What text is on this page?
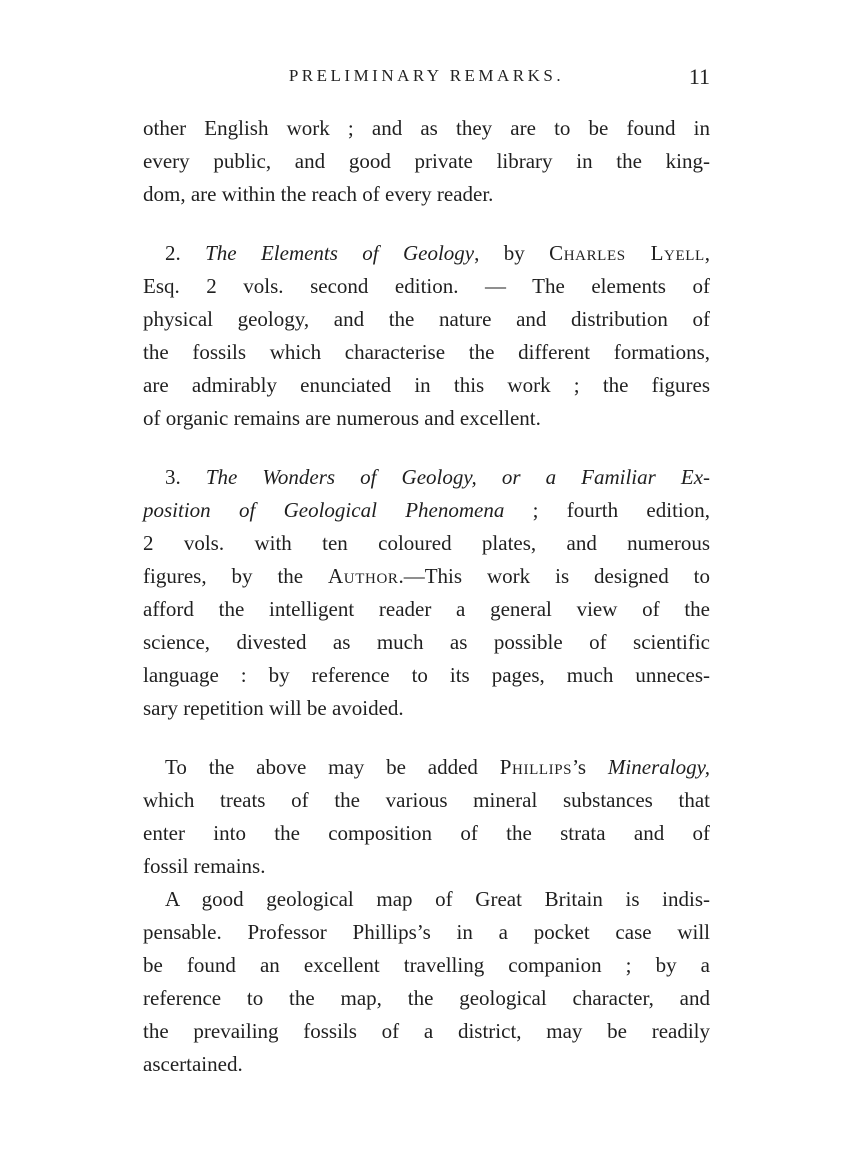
PRELIMINARY REMARKS.	11
other English work ; and as they are to be found in
every public, and good private library in the king-
dom, are within the reach of every reader.
2. The Elements of Geology, by Charles Lyell,
Esq. 2 vols. second edition. — The elements of
physical geology, and the nature and distribution of
the fossils which characterise the different formations,
are admirably enunciated in this work ; the figures
of organic remains are numerous and excellent.
3. The Wonders of Geology, or a Familiar Ex-
position of Geological Phenomena ; fourth edition,
2 vols. with ten coloured plates, and numerous
figures, by the Author.—This work is designed to
afford the intelligent reader a general view of the
science, divested as much as possible of scientific
language : by reference to its pages, much unneces-
sary repetition will be avoided.
To the above may be added Phillips’s Mineralogy,
which treats of the various mineral substances that
enter into the composition of the strata and of
fossil remains.
A good geological map of Great Britain is indis-
pensable. Professor Phillips’s in a pocket case will
be found an excellent travelling companion ; by a
reference to the map, the geological character, and
the prevailing fossils of a district, may be readily
ascertained.
